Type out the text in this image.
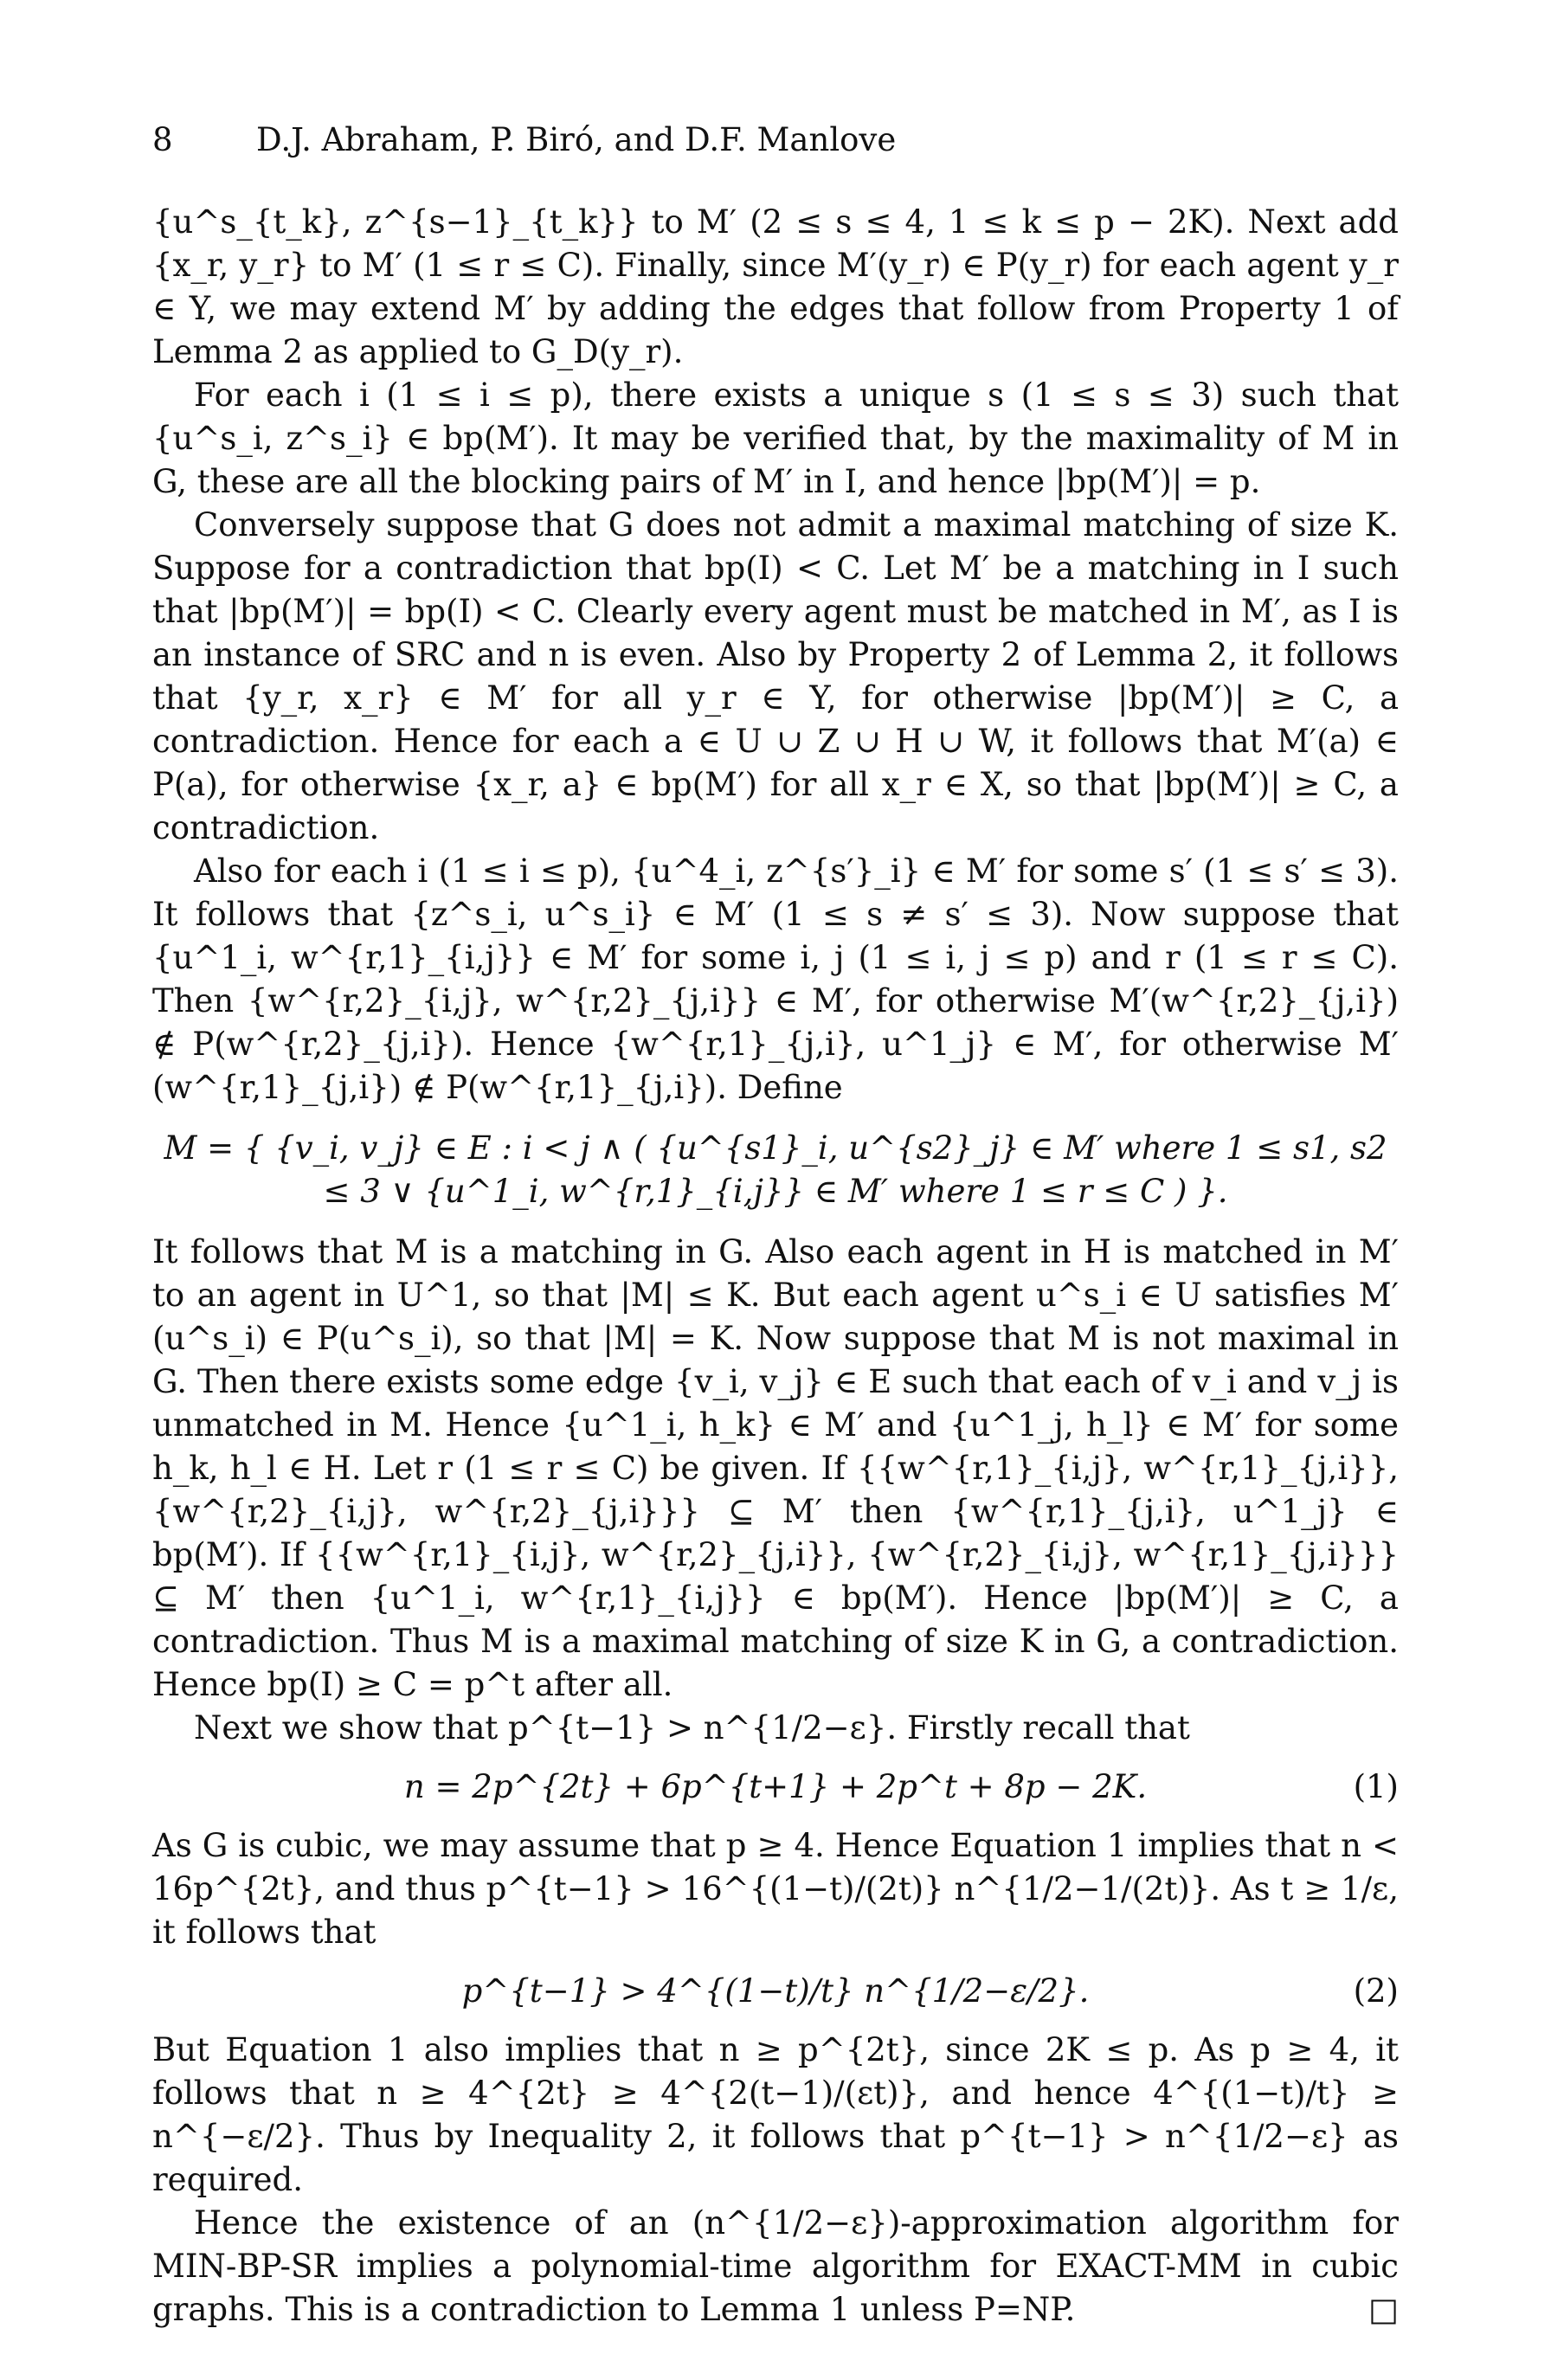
8	D.J. Abraham, P. Biró, and D.F. Manlove

{u^s_{t_k}, z^{s−1}_{t_k}} to M′ (2 ≤ s ≤ 4, 1 ≤ k ≤ p − 2K). Next add {x_r, y_r} to M′ (1 ≤ r ≤ C). Finally, since M′(y_r) ∈ P(y_r) for each agent y_r ∈ Y, we may extend M′ by adding the edges that follow from Property 1 of Lemma 2 as applied to G_D(y_r).

For each i (1 ≤ i ≤ p), there exists a unique s (1 ≤ s ≤ 3) such that {u^s_i, z^s_i} ∈ bp(M′). It may be verified that, by the maximality of M in G, these are all the blocking pairs of M′ in I, and hence |bp(M′)| = p.

Conversely suppose that G does not admit a maximal matching of size K. Suppose for a contradiction that bp(I) < C. Let M′ be a matching in I such that |bp(M′)| = bp(I) < C. Clearly every agent must be matched in M′, as I is an instance of SRC and n is even. Also by Property 2 of Lemma 2, it follows that {y_r, x_r} ∈ M′ for all y_r ∈ Y, for otherwise |bp(M′)| ≥ C, a contradiction. Hence for each a ∈ U ∪ Z ∪ H ∪ W, it follows that M′(a) ∈ P(a), for otherwise {x_r, a} ∈ bp(M′) for all x_r ∈ X, so that |bp(M′)| ≥ C, a contradiction.

Also for each i (1 ≤ i ≤ p), {u^4_i, z^{s′}_i} ∈ M′ for some s′ (1 ≤ s′ ≤ 3). It follows that {z^s_i, u^s_i} ∈ M′ (1 ≤ s ≠ s′ ≤ 3). Now suppose that {u^1_i, w^{r,1}_{i,j}} ∈ M′ for some i, j (1 ≤ i, j ≤ p) and r (1 ≤ r ≤ C). Then {w^{r,2}_{i,j}, w^{r,2}_{j,i}} ∈ M′, for otherwise M′(w^{r,2}_{j,i}) ∉ P(w^{r,2}_{j,i}). Hence {w^{r,1}_{j,i}, u^1_j} ∈ M′, for otherwise M′(w^{r,1}_{j,i}) ∉ P(w^{r,1}_{j,i}). Define

M = { {v_i, v_j} ∈ E : i < j ∧ ( {u^{s1}_i, u^{s2}_j} ∈ M′ where 1 ≤ s1, s2 ≤ 3 ∨ {u^1_i, w^{r,1}_{i,j}} ∈ M′ where 1 ≤ r ≤ C ) }.

It follows that M is a matching in G. Also each agent in H is matched in M′ to an agent in U^1, so that |M| ≤ K. But each agent u^s_i ∈ U satisfies M′(u^s_i) ∈ P(u^s_i), so that |M| = K. Now suppose that M is not maximal in G. Then there exists some edge {v_i, v_j} ∈ E such that each of v_i and v_j is unmatched in M. Hence {u^1_i, h_k} ∈ M′ and {u^1_j, h_l} ∈ M′ for some h_k, h_l ∈ H. Let r (1 ≤ r ≤ C) be given. If {{w^{r,1}_{i,j}, w^{r,1}_{j,i}}, {w^{r,2}_{i,j}, w^{r,2}_{j,i}}} ⊆ M′ then {w^{r,1}_{j,i}, u^1_j} ∈ bp(M′). If {{w^{r,1}_{i,j}, w^{r,2}_{j,i}}, {w^{r,2}_{i,j}, w^{r,1}_{j,i}}} ⊆ M′ then {u^1_i, w^{r,1}_{i,j}} ∈ bp(M′). Hence |bp(M′)| ≥ C, a contradiction. Thus M is a maximal matching of size K in G, a contradiction. Hence bp(I) ≥ C = p^t after all.

Next we show that p^{t−1} > n^{1/2−ε}. Firstly recall that

n = 2p^{2t} + 6p^{t+1} + 2p^t + 8p − 2K.	(1)

As G is cubic, we may assume that p ≥ 4. Hence Equation 1 implies that n < 16p^{2t}, and thus p^{t−1} > 16^{(1−t)/(2t)} n^{1/2−1/(2t)}. As t ≥ 1/ε, it follows that

p^{t−1} > 4^{(1−t)/t} n^{1/2−ε/2}.	(2)

But Equation 1 also implies that n ≥ p^{2t}, since 2K ≤ p. As p ≥ 4, it follows that n ≥ 4^{2t} ≥ 4^{2(t−1)/(εt)}, and hence 4^{(1−t)/t} ≥ n^{−ε/2}. Thus by Inequality 2, it follows that p^{t−1} > n^{1/2−ε} as required.

Hence the existence of an (n^{1/2−ε})-approximation algorithm for MIN-BP-SR implies a polynomial-time algorithm for EXACT-MM in cubic graphs. This is a contradiction to Lemma 1 unless P=NP.	□
